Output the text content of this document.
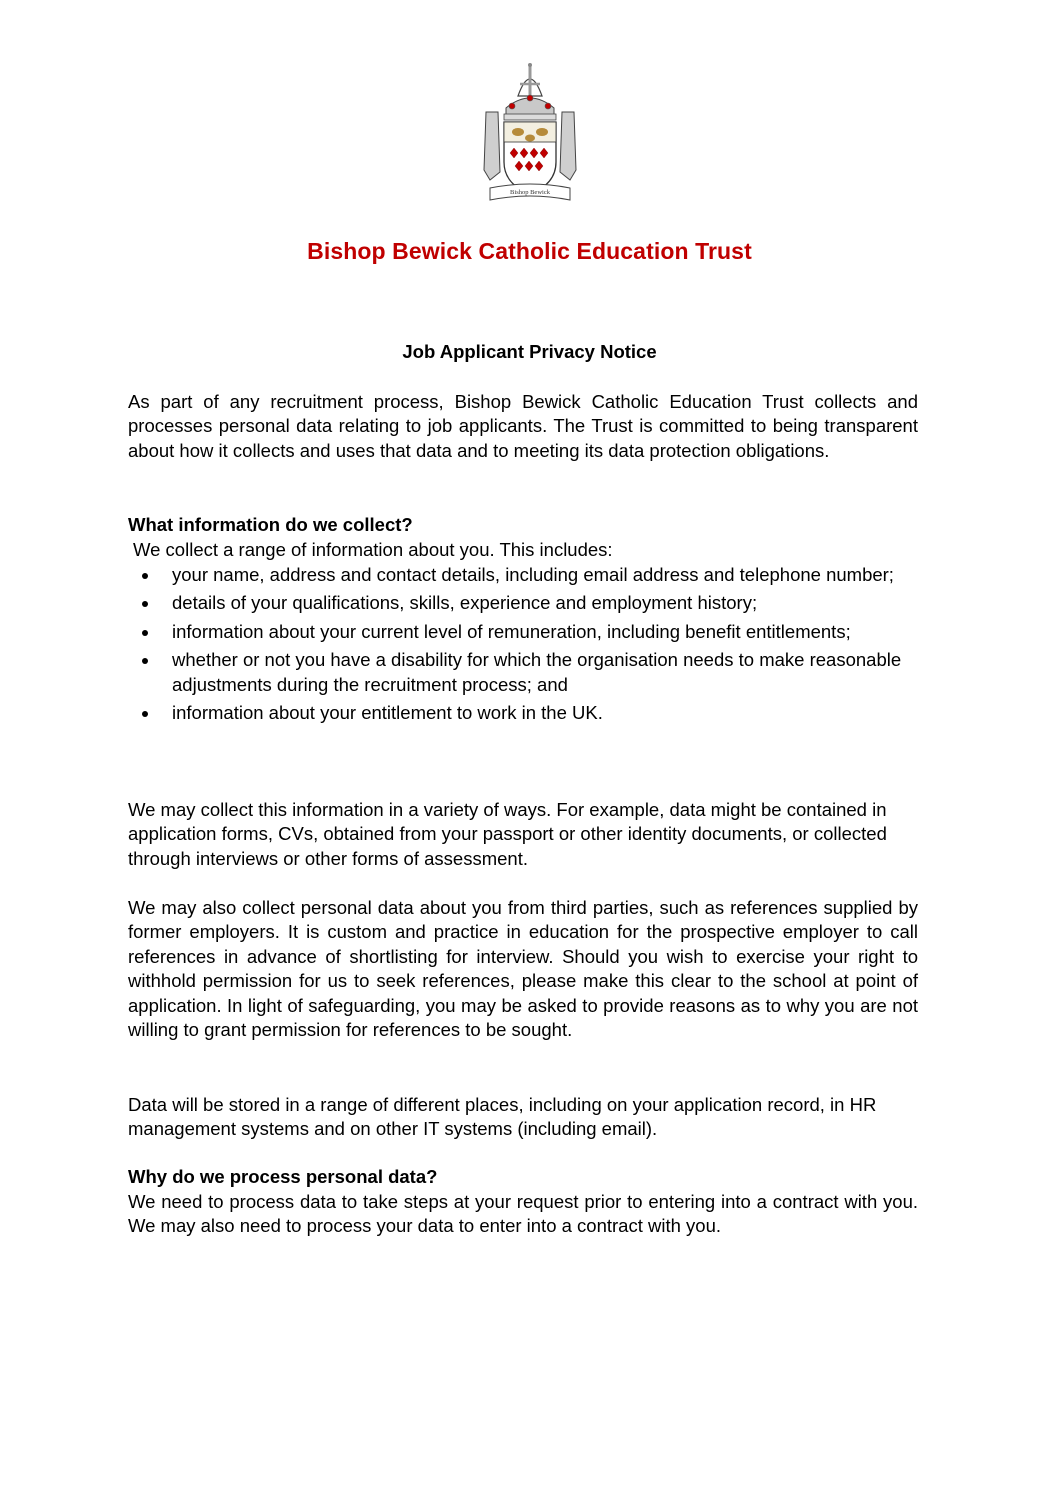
Bishop Bewick
Bishop Bewick Catholic Education Trust
Job Applicant Privacy Notice
As part of any recruitment process, Bishop Bewick Catholic Education Trust collects and processes personal data relating to job applicants. The Trust is committed to being transparent about how it collects and uses that data and to meeting its data protection obligations.
What information do we collect?
We collect a range of information about you. This includes:
your name, address and contact details, including email address and telephone number;
details of your qualifications, skills, experience and employment history;
information about your current level of remuneration, including benefit entitlements;
whether or not you have a disability for which the organisation needs to make reasonable adjustments during the recruitment process; and
information about your entitlement to work in the UK.
We may collect this information in a variety of ways. For example, data might be contained in application forms, CVs, obtained from your passport or other identity documents, or collected through interviews or other forms of assessment.
We may also collect personal data about you from third parties, such as references supplied by former employers. It is custom and practice in education for the prospective employer to call references in advance of shortlisting for interview. Should you wish to exercise your right to withhold permission for us to seek references, please make this clear to the school at point of application. In light of safeguarding, you may be asked to provide reasons as to why you are not willing to grant permission for references to be sought.
Data will be stored in a range of different places, including on your application record, in HR management systems and on other IT systems (including email).
Why do we process personal data?
We need to process data to take steps at your request prior to entering into a contract with you. We may also need to process your data to enter into a contract with you.
